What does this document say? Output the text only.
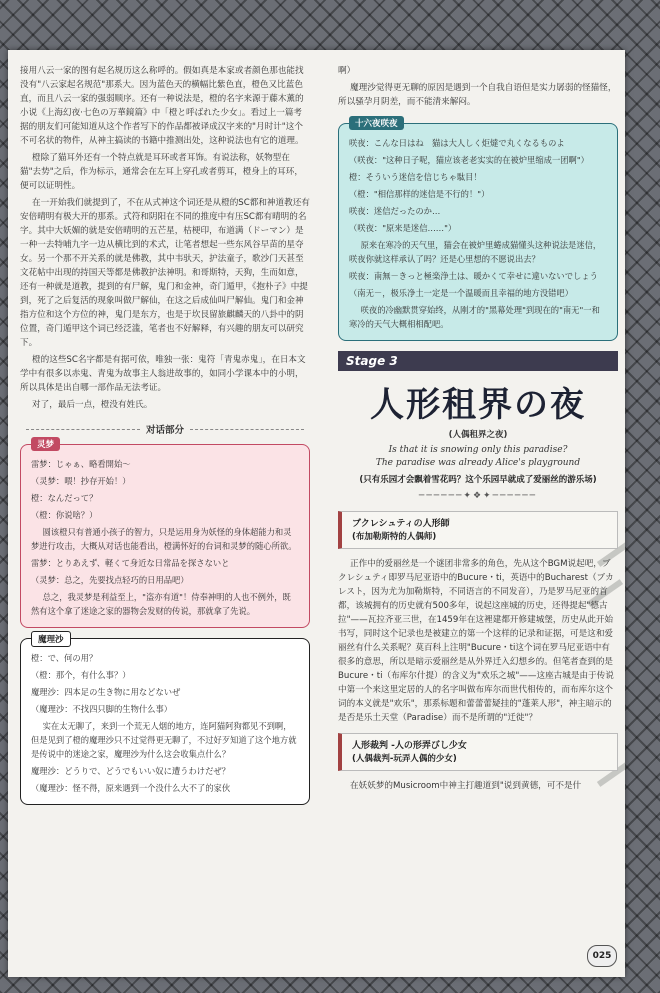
接用八云一家的图有起名规历这么称呼的。假如真是本家或者颜色那也能找没有"八云家起名规范"那系大。因为蓝色天的横幅比紫色直，橙色又比蓝色直，而且八云一家的强弱顺序。还有一种说法是，橙的名字来源于藤木薰的小说《上海幻夜·七色の万華鏡篇》中「橙と呼ばれた少女」。看过上一篇考据的朋友们可能知道从这个作者写下的作品都被译成汉字来的"月时计"这个不可名状的物件，从神主搞读的书籍中推测出处，这种说法也有它的道理。

橙除了猫耳外还有一个特点就是耳环或者耳饰。有说法称，妖物型在猫"去势"之后，作为标示，通常会在左耳上穿孔或者剪耳，橙身上的耳环，便可以证明性。

在一开始我们就提到了，不在从式神这个词还是从橙的SC都和神道教还有安倍晴明有极大开的那系。式符和阴阳在不同的推度中有压SC都有晴明的名字。其中大妖媚的就是安倍晴明的五芒星，枯梗印，布道满（ドーマン）是一种一去特哺九字一边从横比到的术式，让笔者想起一些东风谷早苗的星夺女。另一个那不开关系的就是佛教，其中韦驮天，护法童子，歌沙门天甚至文花帖中出现的持国天等都是佛教护法神明。和哥斯特，天狗，生而如意，还有一种就是道教，提到的有尸解，鬼门和金神，奇门遁甲，《抱朴子》中提到，死了之后复活的现象叫做尸解仙，在这之后成仙叫尸解仙。鬼门和金神指方位和这个方位的神，鬼门是东方，也是于坎艮留旅麒麟天的八卦中的阴位置，奇门遁甲这个词已经泛滥，笔者也不好解释，有兴趣的朋友可以研究下。

橙的这些SC名字都是有据可依，唯独一张：鬼符「青鬼赤鬼」，在日本文学中有很多以赤鬼、青鬼为故事主人翁进故事的，如同小学课本中的小明，所以具体是出自哪一部作品无法考证。

对了，最后一点，橙没有姓氏。

对话部分
灵梦

雷梦：じゃぁ、略看開始～

（灵梦：喂！抄存开始！）

橙：なんだって？

（橙：你说啥？）

圆该橙只有普通小孩子的智力，只是运用身为妖怪的身体超能力和灵梦进行攻击，大概从对话也能看出，橙满怀好的台词和灵梦的随心所欲。

雷梦：とりあえず、軽くて身近な日常品を探さないと

（灵梦：总之，先要找点轻巧的日用品吧）

总之，我灵梦是利益至上，"盗亦有道"！侍奉神明的人也不例外，既然有这个拿了迷途之家的器物会发财的传说，那就拿了先说。

魔理沙

橙：で、何の用？

（橙：那个，有什么事？）

魔理沙：四本足の生き物に用などないぜ

（魔理沙：不找四只脚的生物什么事）

实在太无聊了，来到一个荒无人烟的地方，连阿猫阿狗都见不到啊，但是见到了橙的魔理沙只不过觉得更无聊了，不过好歹知道了这个地方就是传说中的迷途之家，魔理沙为什么这会收集点什么？

魔理沙：どうりで、どうでもいい奴に遭うわけだぜ？

（魔理沙：怪不得，原来遇到一个没什么大不了的家伙

啊）

魔理沙觉得更无聊的原因是遇到一个自我自语但是实力孱弱的怪猫怪，所以骚孕月阴差，而不能清来解闷。

十六夜咲夜

咲夜：こんな日はね　猫は大人しく炬燵で丸くなるものよ

（咲夜："这种日子呢，猫应该老老实实的在被炉里缩成一团啊"）

橙：そういう迷信を信じちゃ駄目！

（橙："相信那样的迷信是不行的！"）

咲夜：迷信だったのか…

（咲夜："原来是迷信……"）

原来在寒冷的天气里，猫会在被炉里蜷成猫懂头这种说法是迷信，咲夜你就这样承认了吗？还是心里想的不愿说出去？

咲夜：南無－きっと極楽浄土は、暖かくて幸せに違いないでしょう

（南无－，极乐净土一定是一个温暖而且幸福的地方没错吧）

咲夜的冷幽默贯穿始终，从刚才的"黑幕处理"到现在的"南无"一和寒冷的天气大概相相配吧。

Stage 3
人形租界の夜
(人偶租界之夜)
Is that it is snowing only this paradise?
The paradise was already Alice's playground
(只有乐园才会飘着雪花吗？这个乐园早就成了爱丽丝的游乐场)
──────✦❖✦──────
ブクレシュティの人形師
(布加勒斯特的人偶师)

正作中的爱丽丝是一个谜团非常多的角色，先从这个BGM说起吧，ブクレシュティ即罗马尼亚语中的Bucure・ti，英语中的Bucharest（ブカレスト，因为尤为加勒斯特，不同语言的不同发音），乃是罗马尼亚的首都，该城拥有的历史就有500多年，说起这座城的历史，还得提起"德古拉"——瓦拉齐亚三世，在1459年在这裡建都开修建城堡，历史从此开始书写，同时这个记录也是被建立的第一个这样的记录和证据，可是这和爱丽丝有什么关系呢？莫百科上注明"Bucure・ti这个词在罗马尼亚语中有很多的意思，所以是暗示爱丽丝是从外界迁入幻想乡的。但笔者查到的是Bucure・ti（布库尔什提）的含义为"欢乐之城"——这座古城是由于传说中第一个来这里定居的人的名字叫做布库尔而世代相传的，而布库尔这个词的本义就是"欢乐"，那系标题和蕾蕾蕾疑挂的"蓬莱人形"，神主暗示的是否是乐土天堂（Paradise）而不是所谓的"迁徙"？

人形裁判 -人の形弄びし少女
(人偶裁判-玩弄人偶的少女)

在妖妖梦的Musicroom中神主打趣道到"说到黄德，可不是什

025
